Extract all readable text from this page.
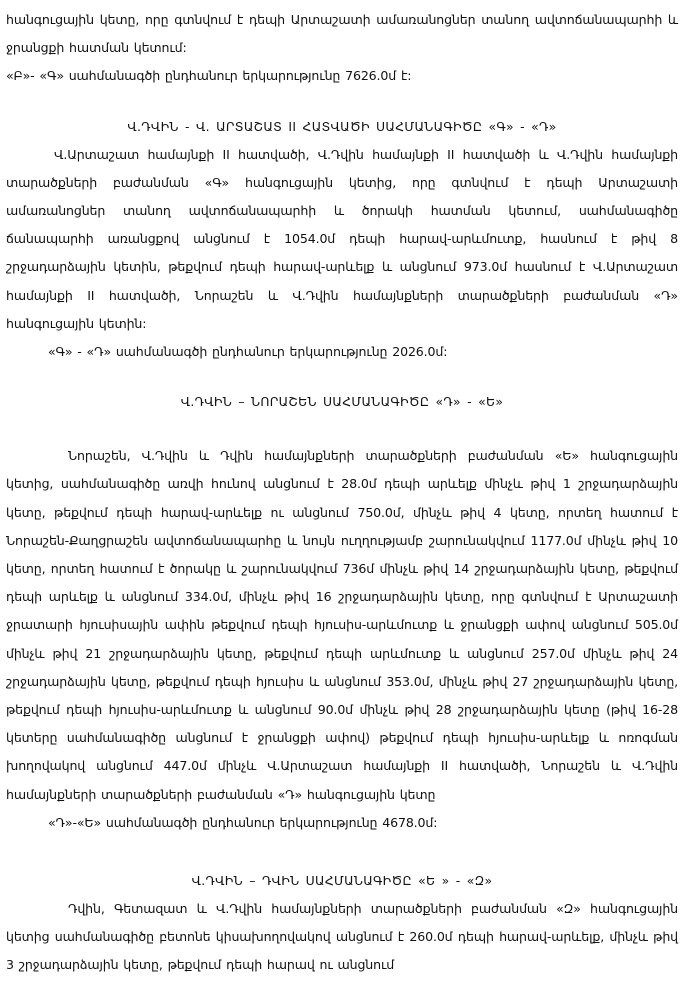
հանգուցային կետը, որը գտնվում է դեպի Արտաշատի ամառանոցներ տանող ավտոճանապարհի և ջրանցքի հատման կետում:

«Բ»- «Գ» սահմանագծի ընդհանուր երկարությունը 7626.0մ է:

Վ.ԴՎԻՆ - Վ. ԱՐՏԱՇԱՏ II ՀԱՏՎԱԾԻ ՍԱՀՄԱՆԱԳԻԾԸ «Գ» - «Դ»

Վ.Արտաշատ համայնքի II հատվածի, Վ.Դվին համայնքի II հատվածի և Վ.Դվին համայնքի տարածքների բաժանման «Գ» հանգուցային կետից, որը գտնվում է դեպի Արտաշատի ամառանոցներ տանող ավտոճանապարհի և ծորակի հատման կետում, սահմանագիծը ճանապարհի առանցքով անցնում է 1054.0մ դեպի հարավ-արևմուտք, հասնում է թիվ 8 շրջադարձային կետին, թեքվում դեպի հարավ-արևելք և անցնում 973.0մ հասնում է Վ.Արտաշատ համայնքի II հատվածի, Նորաշեն և Վ.Դվին համայնքների տարածքների բաժանման «Դ» հանգուցային կետին:

«Գ» - «Դ» սահմանագծի ընդհանուր երկարությունը 2026.0մ:

Վ.ԴՎԻՆ – ՆՈՐԱՇԵՆ ՍԱՀՄԱՆԱԳԻԾԸ «Դ» - «Ե»

Նորաշեն, Վ.Դվին և Դվին համայնքների տարածքների բաժանման «Ե» հանգուցային կետից, սահմանագիծը առվի հունով անցնում է 28.0մ դեպի արևելք մինչև թիվ 1 շրջադարձային կետը, թեքվում դեպի հարավ-արևելք ու անցնում 750.0մ, մինչև թիվ 4 կետը, որտեղ հատում է Նորաշեն-Քաղցրաշեն ավտոճանապարհը և նույն ուղղությամբ շարունակվում 1177.0մ մինչև թիվ 10 կետը, որտեղ հատում է ծորակը և շարունակվում 736մ մինչև թիվ 14 շրջադարձային կետը, թեքվում դեպի արևելք և անցնում 334.0մ, մինչև թիվ 16 շրջադարձային կետը, որը գտնվում է Արտաշատի ջրատարի հյուսիսային ափին թեքվում դեպի հյուսիս-արևմուտք և ջրանցքի ափով անցնում 505.0մ մինչև թիվ 21 շրջադարձային կետը, թեքվում դեպի արևմուտք և անցնում 257.0մ մինչև թիվ 24 շրջադարձային կետը, թեքվում դեպի հյուսիս և անցնում 353.0մ, մինչև թիվ 27 շրջադարձային կետը, թեքվում դեպի հյուսիս-արևմուտք և անցնում 90.0մ մինչև թիվ 28 շրջադարձային կետը (թիվ 16-28 կետերը սահմանագիծը անցնում է ջրանցքի ափով) թեքվում դեպի հյուսիս-արևելք և ոռոգման խողովակով անցնում 447.0մ մինչև Վ.Արտաշատ համայնքի II հատվածի, Նորաշեն և Վ.Դվին համայնքների տարածքների բաժանման «Դ» հանգուցային կետը

«Դ»-«Ե» սահմանագծի ընդհանուր երկարությունը 4678.0մ:

Վ.ԴՎԻՆ – ԴՎԻՆ ՍԱՀՄԱՆԱԳԻԾԸ «Ե » - «Զ»

Դվին, Գետազատ և Վ.Դվին համայնքների տարածքների բաժանման «Զ» հանգուցային կետից սահմանագիծը բետոնե կիսախողովակով անցնում է 260.0մ դեպի հարավ-արևելք, մինչև թիվ 3 շրջադարձային կետը, թեքվում դեպի հարավ ու անցնում
